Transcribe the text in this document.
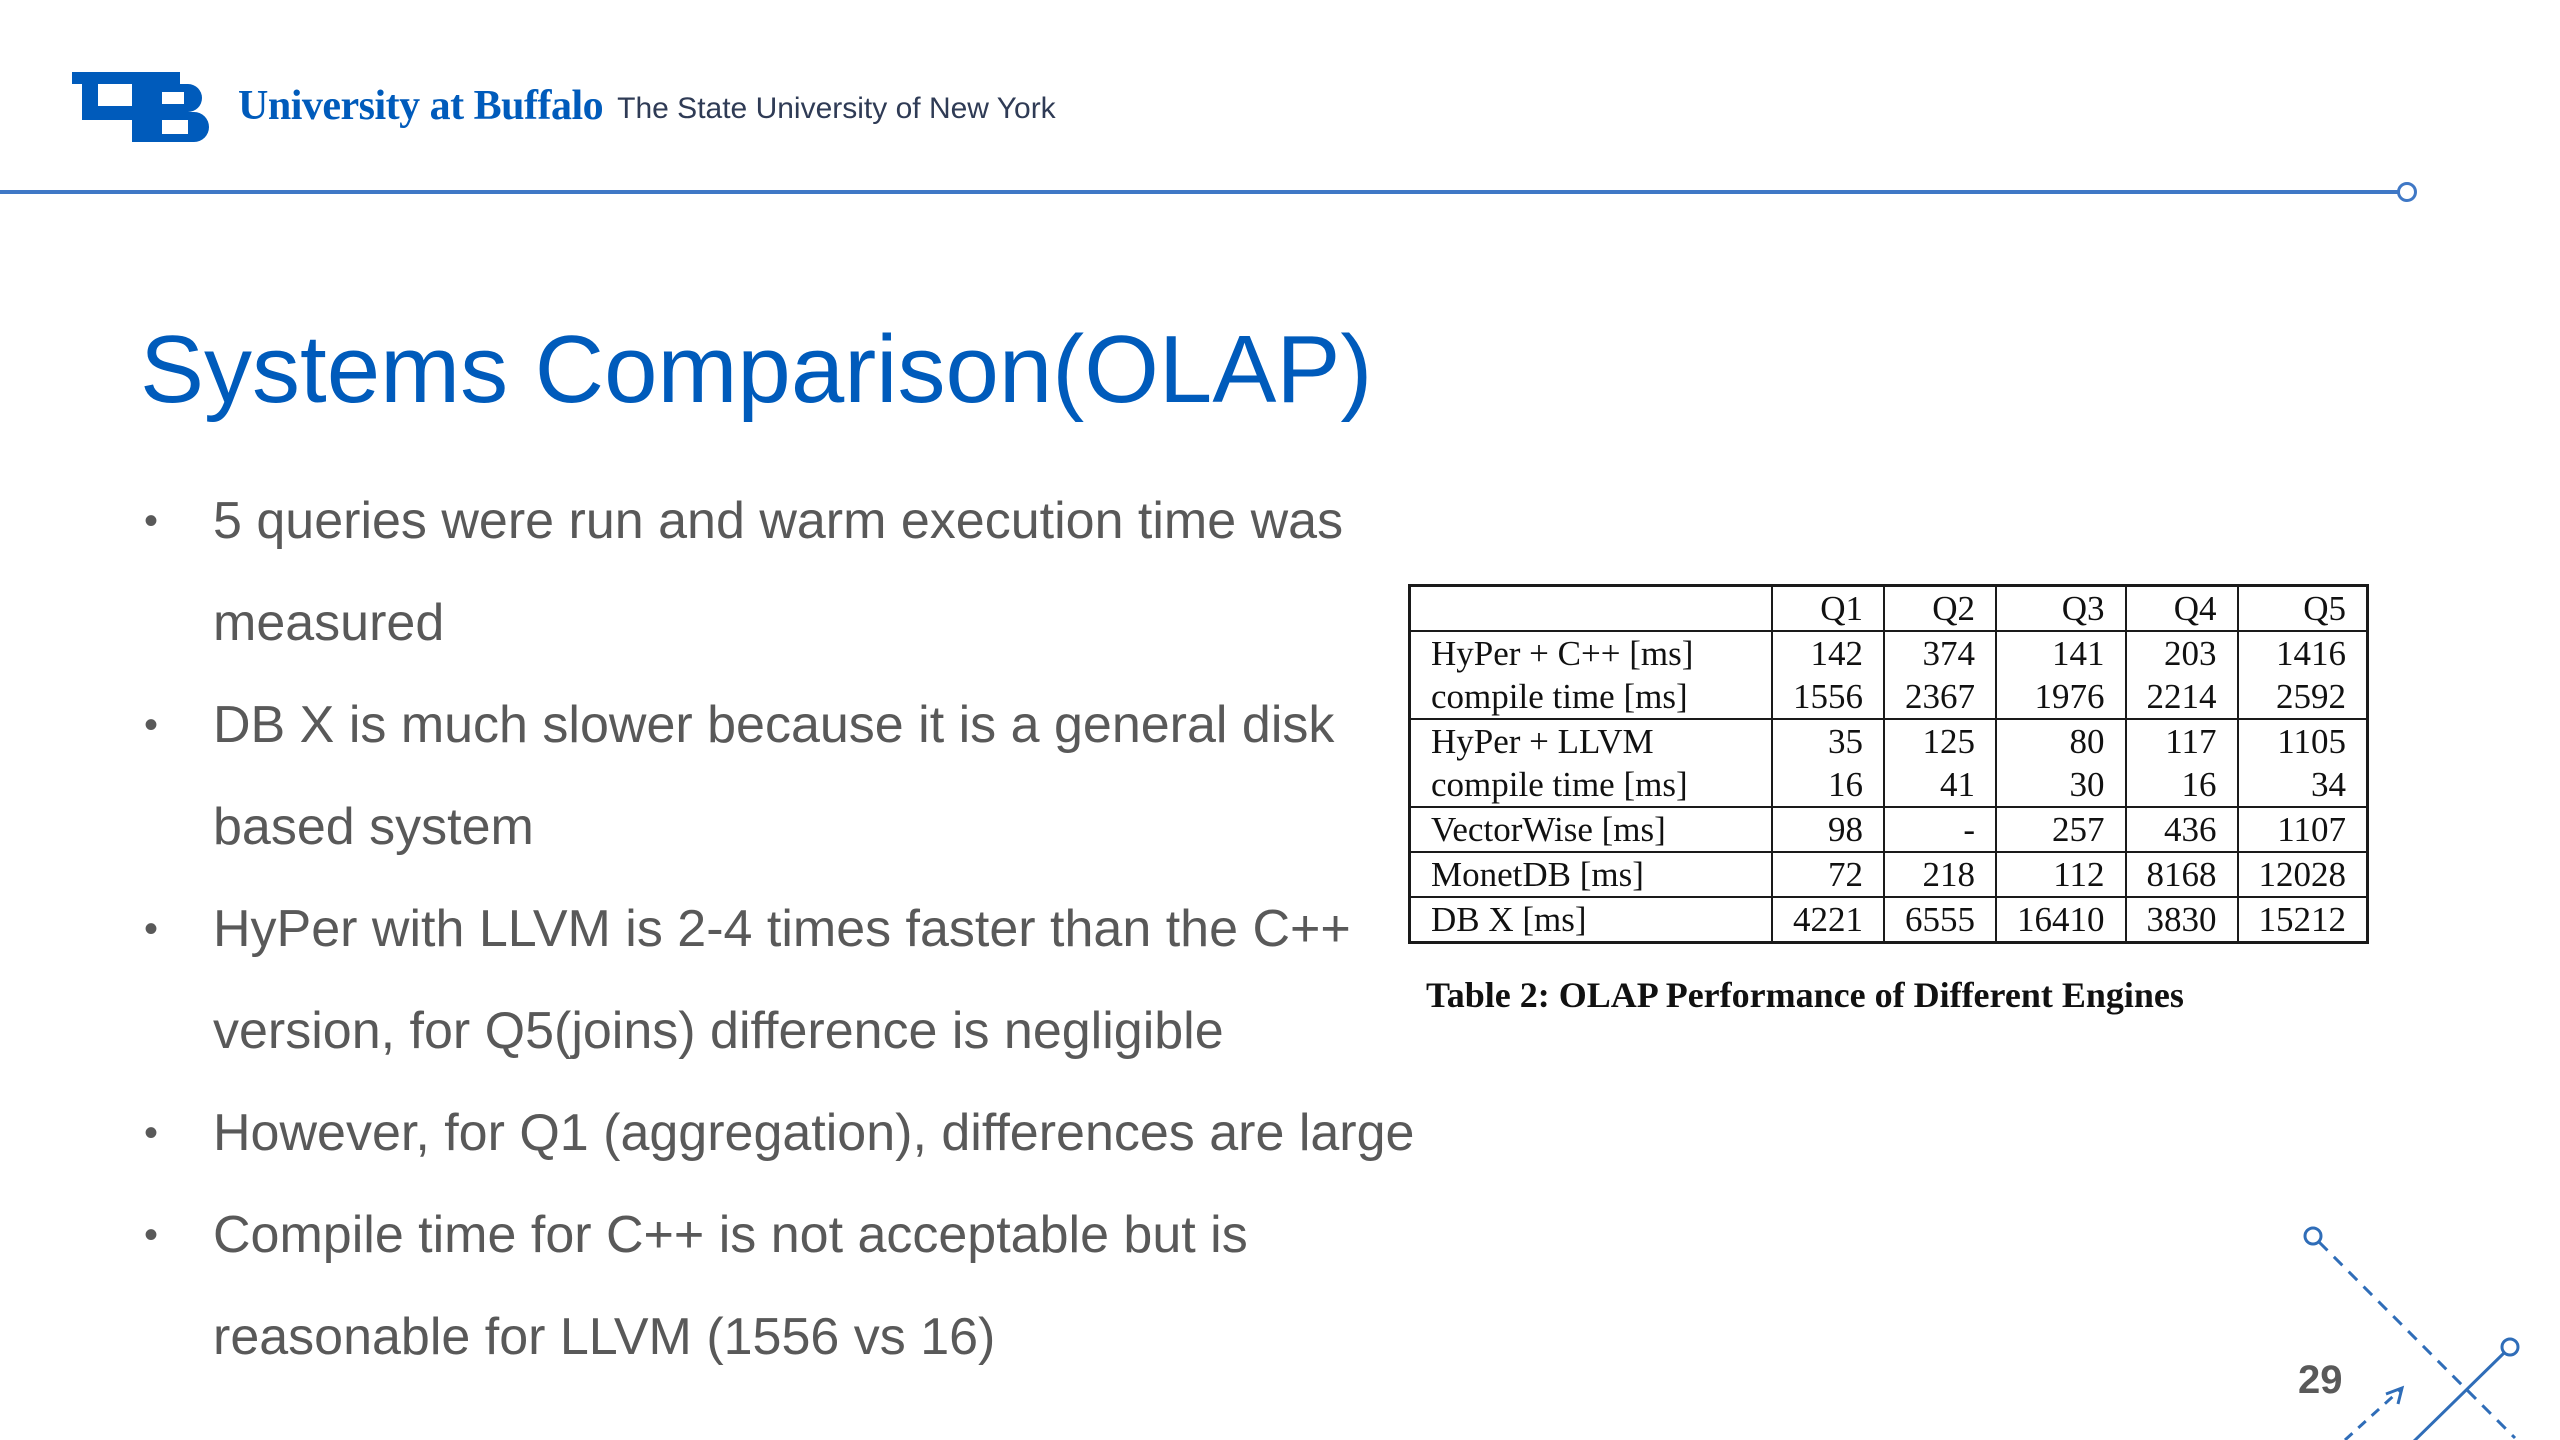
University at Buffalo The State University of New York
Systems Comparison(OLAP)
• 5 queries were run and warm execution time was measured
• DB X is much slower because it is a general disk based system
• HyPer with LLVM is 2-4 times faster than the C++ version, for Q5(joins) difference is negligible
• However, for Q1 (aggregation), differences are large
• Compile time for C++ is not acceptable but is reasonable for LLVM (1556 vs 16)
	Q1	Q2	Q3	Q4	Q5
HyPer + C++ [ms]	142	374	141	203	1416
compile time [ms]	1556	2367	1976	2214	2592
HyPer + LLVM	35	125	80	117	1105
compile time [ms]	16	41	30	16	34
VectorWise [ms]	98	-	257	436	1107
MonetDB [ms]	72	218	112	8168	12028
DB X [ms]	4221	6555	16410	3830	15212
Table 2: OLAP Performance of Different Engines
29
